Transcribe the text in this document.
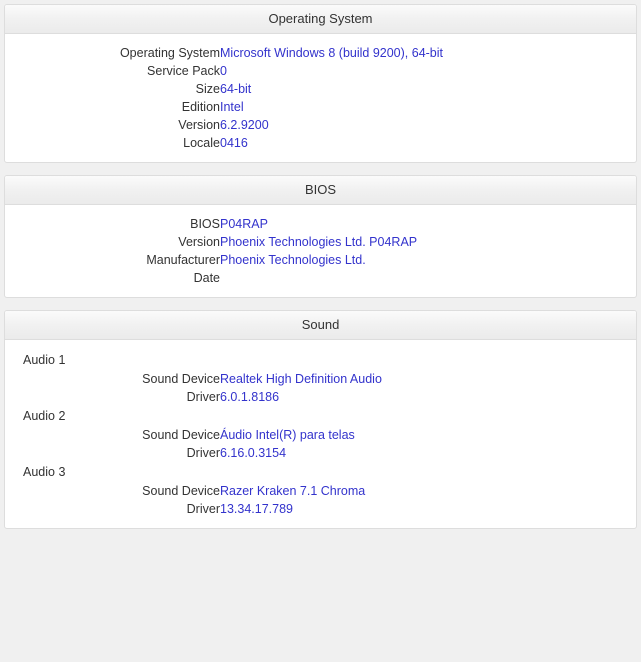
Operating System
Operating System	Microsoft Windows 8 (build 9200), 64-bit
Service Pack	0
Size	64-bit
Edition	Intel
Version	6.2.9200
Locale	0416
BIOS
BIOS	P04RAP
Version	Phoenix Technologies Ltd. P04RAP
Manufacturer	Phoenix Technologies Ltd.
Date	
Sound
Audio 1
Sound Device	Realtek High Definition Audio
Driver	6.0.1.8186
Audio 2
Sound Device	Áudio Intel(R) para telas
Driver	6.16.0.3154
Audio 3
Sound Device	Razer Kraken 7.1 Chroma
Driver	13.34.17.789
